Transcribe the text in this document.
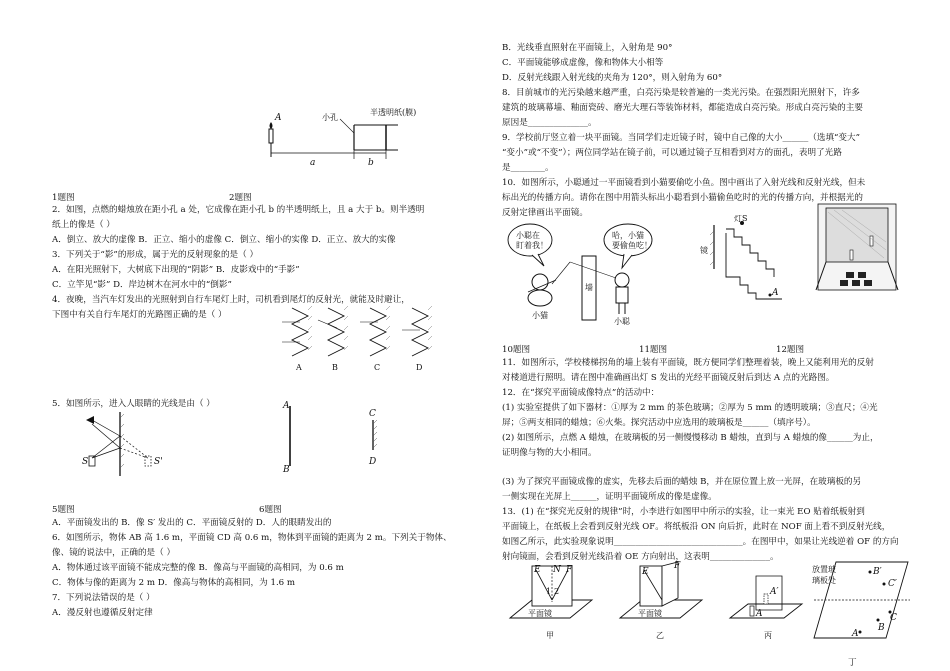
A	小孔
半透明纸(膜)
a	b
1题图	2题图
2．如图，点燃的蜡烛放在距小孔 a 处，它成像在距小孔 b 的半透明纸上，且 a 大于 b。则半透明
纸上的像是（ ）
A．倒立、放大的虚像 B．正立、缩小的虚像 C．倒立、缩小的实像 D．正立、放大的实像
3．下列关于“影”的形成，属于光的反射现象的是（ ）
A．在阳光照射下，大树底下出现的“阴影” B．皮影戏中的“手影”
C．立竿见“影” D．岸边树木在河水中的“倒影”
4．夜晚，当汽车灯发出的光照射到自行车尾灯上时，司机看到尾灯的反射光，就能及时避让，
下图中有关自行车尾灯的光路图正确的是（ ）
A	B	C	D
5．如图所示，进入人眼睛的光线是由（ ）
S	S'
A
B
C
D
5题图	6题图
A．平面镜发出的 B．像 S′ 发出的 C．平面镜反射的 D．人的眼睛发出的
6．如图所示，物体 AB 高 1.6 m，平面镜 CD 高 0.6 m，物体到平面镜的距离为 2 m。下列关于物体、
像、镜的说法中，正确的是（ ）
A．物体通过该平面镜不能成完整的像 B．像高与平面镜的高相同，为 0.6 m
C．物体与像的距离为 2 m D．像高与物体的高相同，为 1.6 m
7．下列说法错误的是（ ）
A．漫反射也遵循反射定律
B．光线垂直照射在平面镜上，入射角是 90°
C．平面镜能够成虚像，像和物体大小相等
D．反射光线跟入射光线的夹角为 120°，则入射角为 60°
8．目前城市的光污染越来越严重，白亮污染是较普遍的一类光污染。在强烈阳光照射下，许多
建筑的玻璃幕墙、釉面瓷砖、磨光大理石等装饰材料，都能造成白亮污染。形成白亮污染的主要
原因是______________。
9．学校前厅竖立着一块平面镜。当同学们走近镜子时，镜中自己像的大小______（选填“变大”
“变小”或“不变”）；两位同学站在镜子前，可以通过镜子互相看到对方的面孔，表明了光路
是________。
10．如图所示，小聪通过一平面镜看到小猫要偷吃小鱼。图中画出了入射光线和反射光线，但未
标出光的传播方向。请你在图中用箭头标出小聪看到小猫偷鱼吃时的光的传播方向，并根据光的
反射定律画出平面镜。
小聪在
盯着我！
哈，小猫
要偷鱼吃！
墙
小猫
小聪
灯S
镜
A
10题图	11题图	12题图
11．如图所示，学校楼梯拐角的墙上装有平面镜，既方便同学们整理着装，晚上又能利用光的反射
对楼道进行照明。请在图中准确画出灯 S 发出的光经平面镜反射后到达 A 点的光路图。
12．在“探究平面镜成像特点”的活动中：
(1) 实验室提供了如下器材：①厚为 2 mm 的茶色玻璃；②厚为 5 mm 的透明玻璃；③直尺；④光
屏；⑤两支相同的蜡烛；⑥火柴。探究活动中应选用的玻璃板是______（填序号）。
(2) 如图所示，点燃 A 蜡烛，在玻璃板的另一侧慢慢移动 B 蜡烛，直到与 A 蜡烛的像______为止，
证明像与物的大小相同。
(3) 为了探究平面镜成像的虚实，先移去后面的蜡烛 B，并在原位置上放一光屏，在玻璃板的另
一侧实现在光屏上______，证明平面镜所成的像是虚像。
13．(1) 在“探究光反射的规律”时，小李进行如图甲中所示的实验，让一束光 EO 贴着纸板射到
平面镜上，在纸板上会看到反射光线 OF。将纸板沿 ON 向后折，此时在 NOF 面上看不到反射光线，
如图乙所示，此实验现象说明______________________________。在图甲中，如果让光线逆着 OF 的方向
射向镜面，会看到反射光线沿着 OE 方向射出，这表明______________。
E N F
1 2
平面镜
甲
E
F
平面镜
乙
A′
A
丙
放置玻
璃板处
B′
C′
A
B
C
丁
